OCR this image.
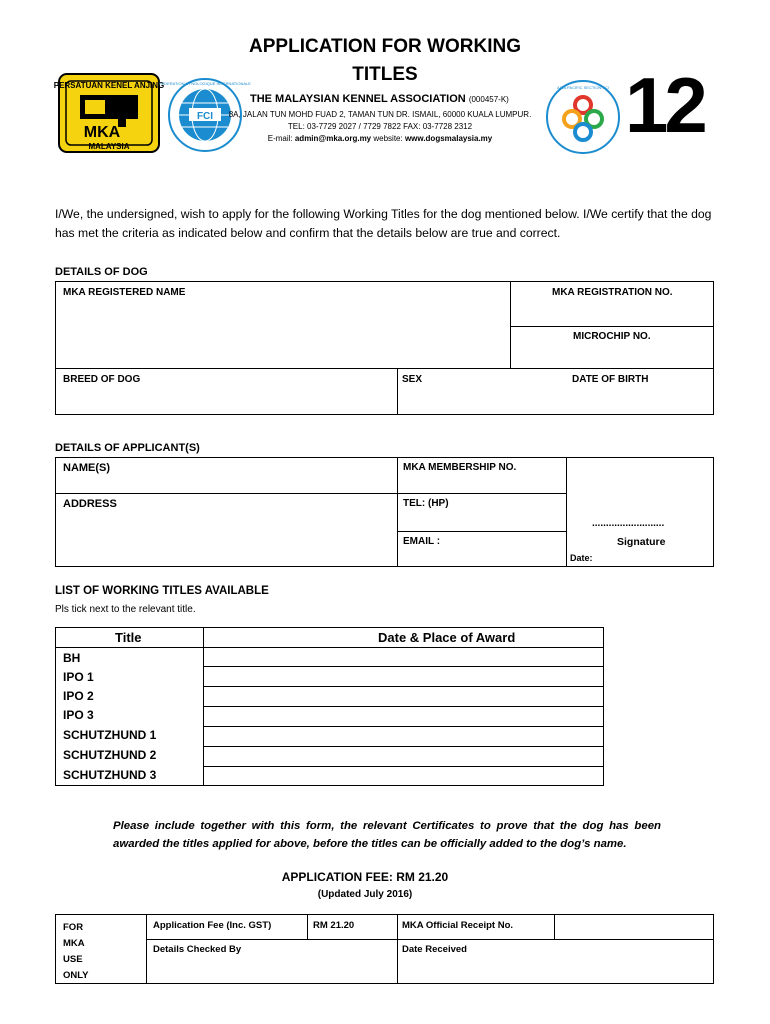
PERSATUAN KENEL ANJING
MKA
MALAYSIA
FCI
FEDERATION CYNOLOGIQUE INTERNATIONALE
APPLICATION FOR WORKING
TITLES
THE MALAYSIAN KENNEL ASSOCIATION (000457-K)
8A, JALAN TUN MOHD FUAD 2, TAMAN TUN DR. ISMAIL, 60000 KUALA LUMPUR.
TEL: 03-7729 2027 / 7729 7822 FAX: 03-7728 2312
E-mail: admin@mka.org.my website: www.dogsmalaysia.my
ASIA PACIFIC SECTION FCI 12
I/We, the undersigned, wish to apply for the following Working Titles for the dog mentioned below. I/We certify that the dog has met the criteria as indicated below and confirm that the details below are true and correct.
DETAILS OF DOG
MKA REGISTERED NAME	MKA REGISTRATION NO.
MICROCHIP NO.
BREED OF DOG	SEX	DATE OF BIRTH
DETAILS OF APPLICANT(S)
NAME(S)	MKA MEMBERSHIP NO.
ADDRESS	TEL: (HP)
EMAIL :
..........................
Signature
Date:
LIST OF WORKING TITLES AVAILABLE
Pls tick next to the relevant title.
Title	Date & Place of Award
BH
IPO 1
IPO 2
IPO 3
SCHUTZHUND 1
SCHUTZHUND 2
SCHUTZHUND 3
Please include together with this form, the relevant Certificates to prove that the dog has been awarded the titles applied for above, before the titles can be officially added to the dog’s name.
APPLICATION FEE: RM 21.20
(Updated July 2016)
FOR
MKA
USE
ONLY
Application Fee (Inc. GST)	RM 21.20	MKA Official Receipt No.
Details Checked By	Date Received
